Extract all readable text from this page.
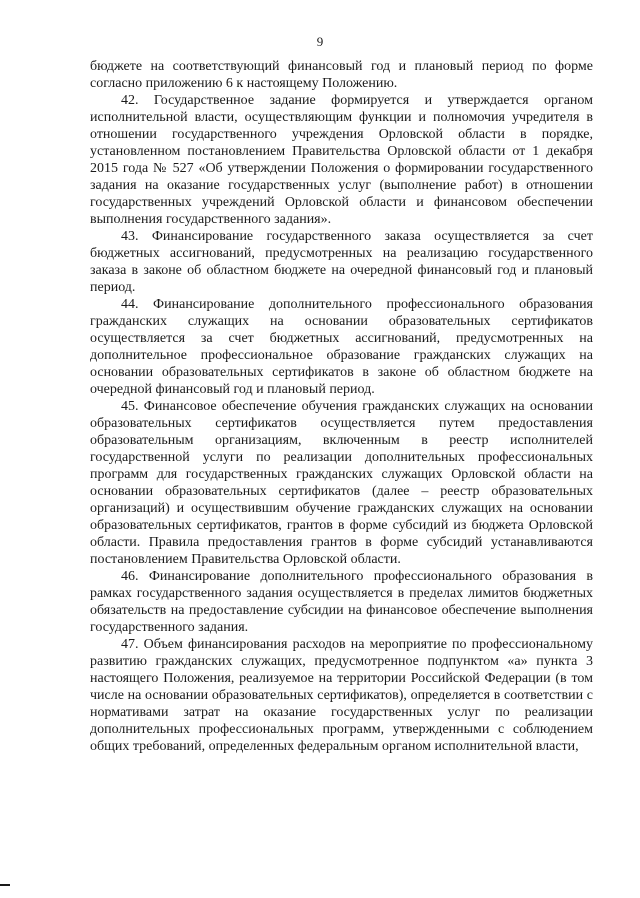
9

бюджете на соответствующий финансовый год и плановый период по форме согласно приложению 6 к настоящему Положению.

42. Государственное задание формируется и утверждается органом исполнительной власти, осуществляющим функции и полномочия учредителя в отношении государственного учреждения Орловской области в порядке, установленном постановлением Правительства Орловской области от 1 декабря 2015 года № 527 «Об утверждении Положения о формировании государственного задания на оказание государственных услуг (выполнение работ) в отношении государственных учреждений Орловской области и финансовом обеспечении выполнения государственного задания».

43. Финансирование государственного заказа осуществляется за счет бюджетных ассигнований, предусмотренных на реализацию государственного заказа в законе об областном бюджете на очередной финансовый год и плановый период.

44. Финансирование дополнительного профессионального образования гражданских служащих на основании образовательных сертификатов осуществляется за счет бюджетных ассигнований, предусмотренных на дополнительное профессиональное образование гражданских служащих на основании образовательных сертификатов в законе об областном бюджете на очередной финансовый год и плановый период.

45. Финансовое обеспечение обучения гражданских служащих на основании образовательных сертификатов осуществляется путем предоставления образовательным организациям, включенным в реестр исполнителей государственной услуги по реализации дополнительных профессиональных программ для государственных гражданских служащих Орловской области на основании образовательных сертификатов (далее – реестр образовательных организаций) и осуществившим обучение гражданских служащих на основании образовательных сертификатов, грантов в форме субсидий из бюджета Орловской области. Правила предоставления грантов в форме субсидий устанавливаются постановлением Правительства Орловской области.

46. Финансирование дополнительного профессионального образования в рамках государственного задания осуществляется в пределах лимитов бюджетных обязательств на предоставление субсидии на финансовое обеспечение выполнения государственного задания.

47. Объем финансирования расходов на мероприятие по профессиональному развитию гражданских служащих, предусмотренное подпунктом «а» пункта 3 настоящего Положения, реализуемое на территории Российской Федерации (в том числе на основании образовательных сертификатов), определяется в соответствии с нормативами затрат на оказание государственных услуг по реализации дополнительных профессиональных программ, утвержденными с соблюдением общих требований, определенных федеральным органом исполнительной власти,
